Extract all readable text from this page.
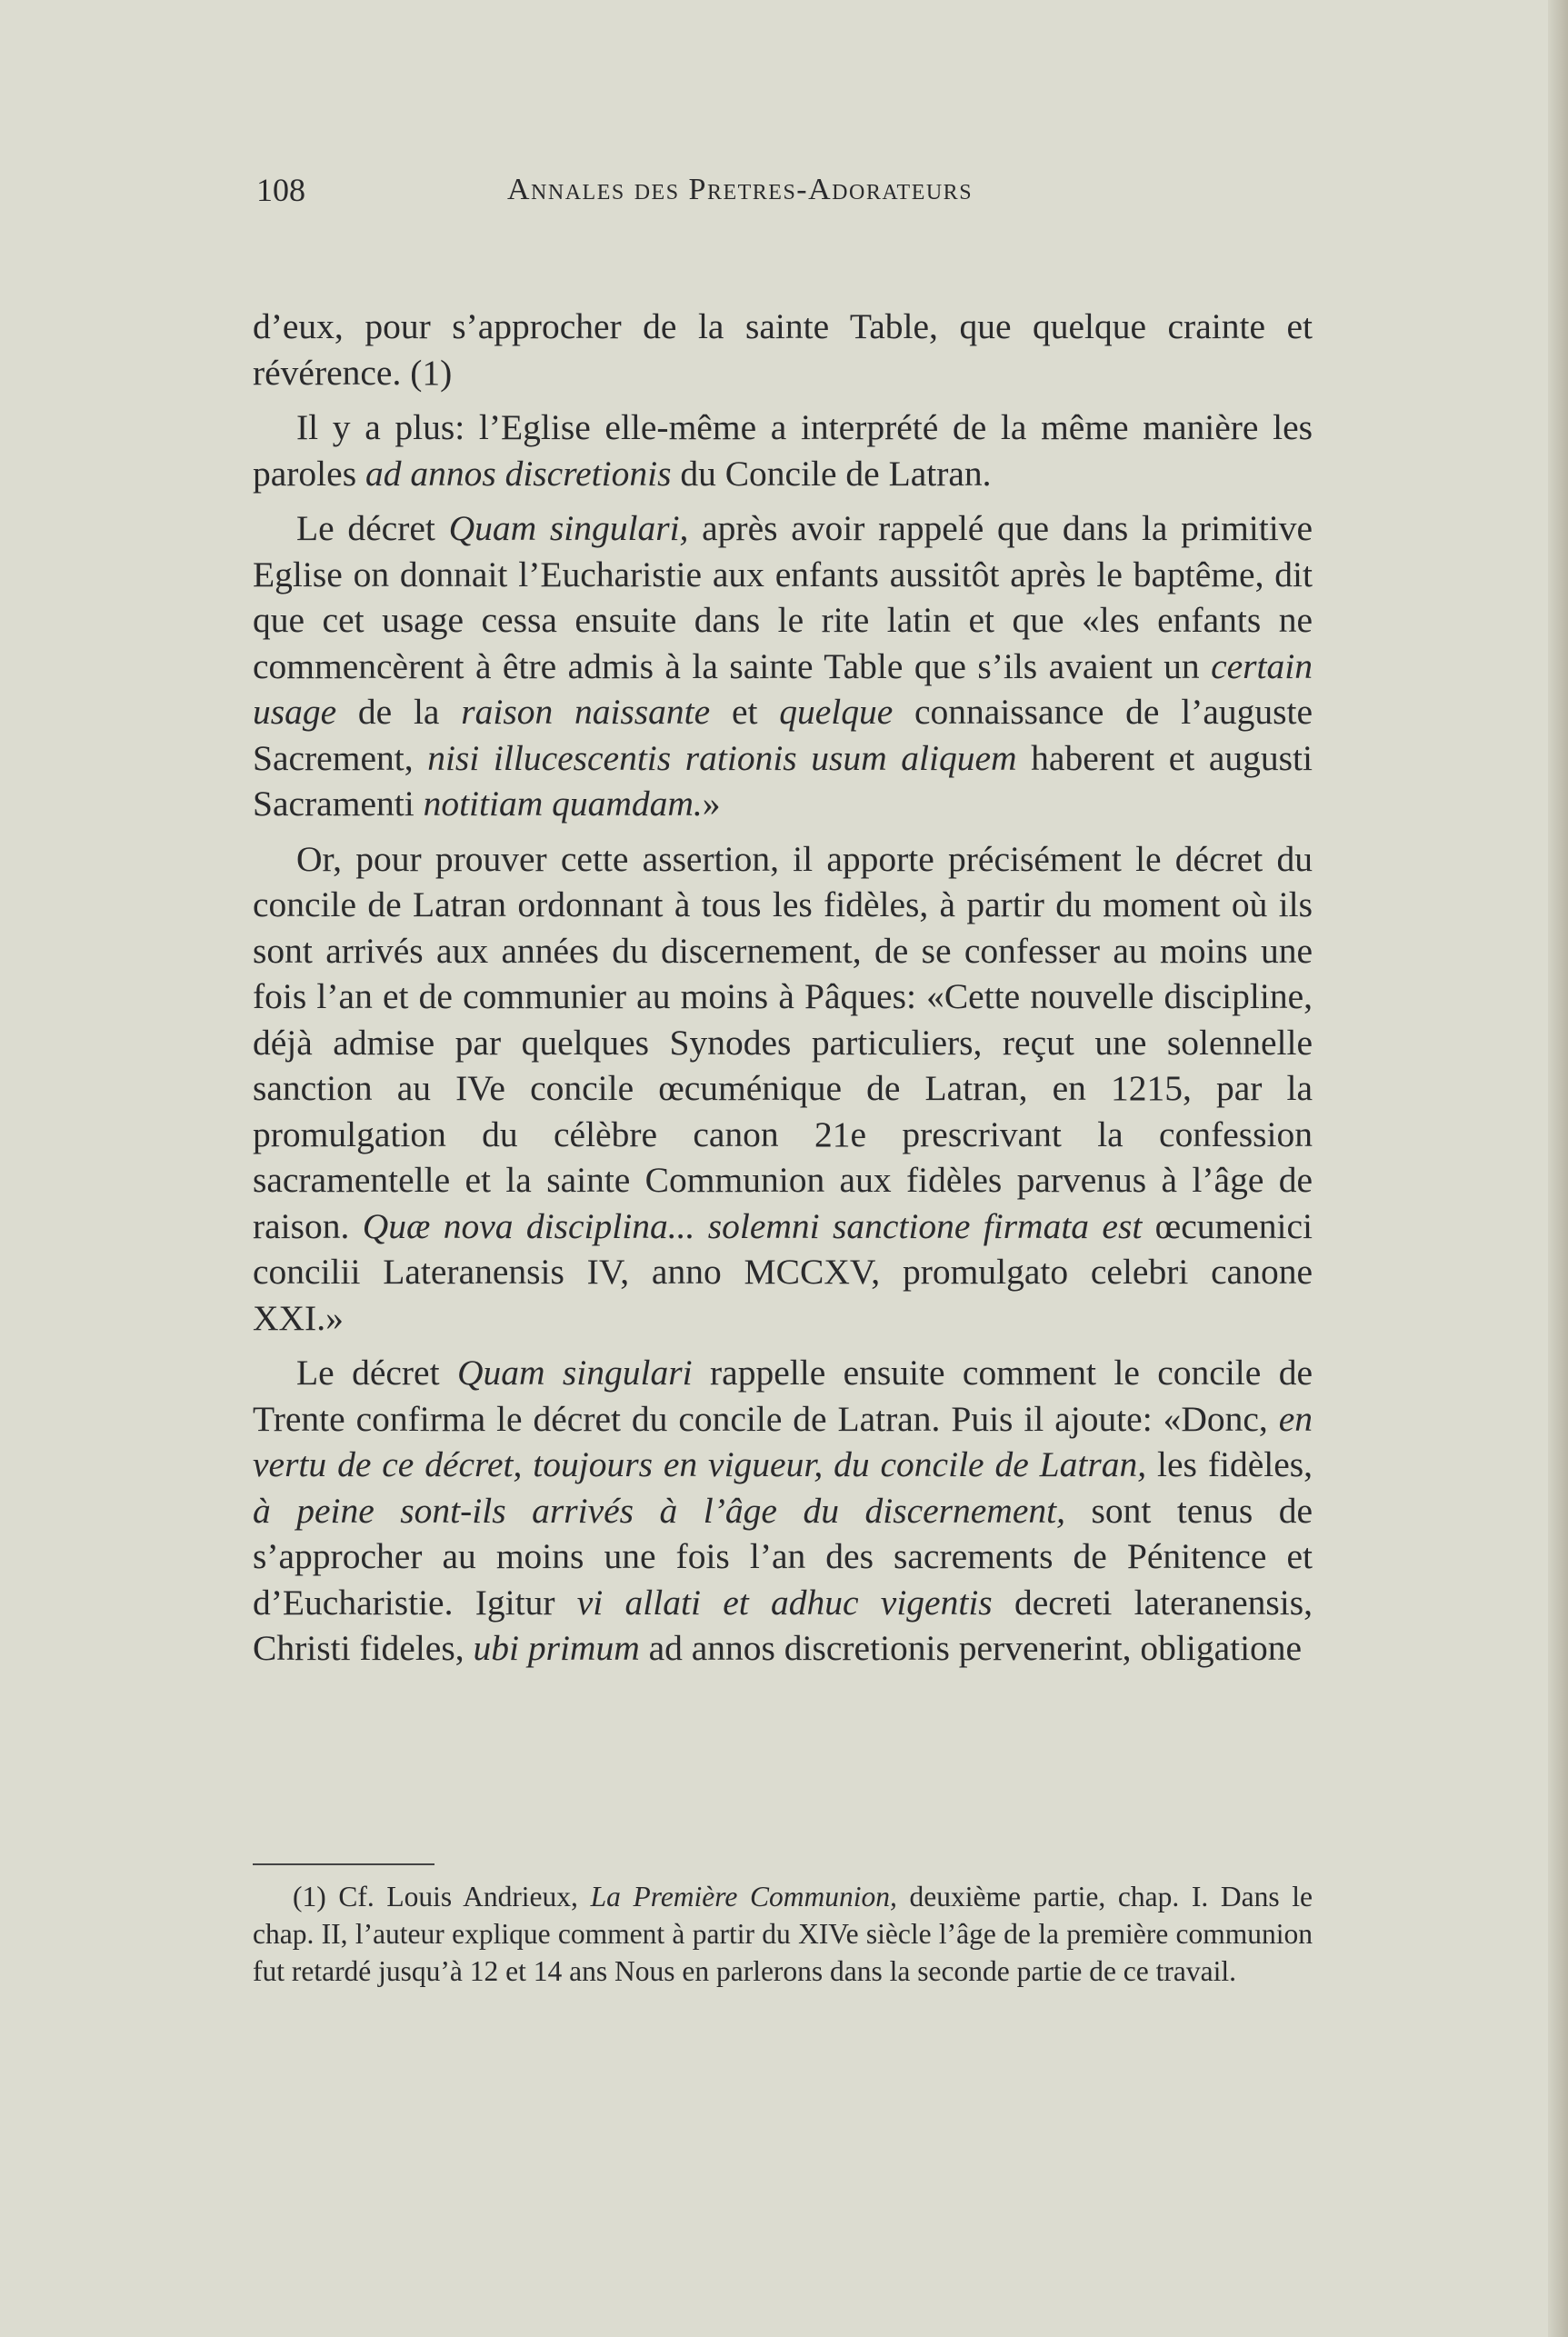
108	Annales des Pretres-Adorateurs

d’eux, pour s’approcher de la sainte Table, que quelque crainte et révérence. (1)

Il y a plus: l’Eglise elle-même a interprété de la même manière les paroles ad annos discretionis du Concile de Latran.

Le décret Quam singulari, après avoir rappelé que dans la primitive Eglise on donnait l’Eucharistie aux enfants aussitôt après le baptême, dit que cet usage cessa ensuite dans le rite latin et que «les enfants ne commencèrent à être admis à la sainte Table que s’ils avaient un certain usage de la raison naissante et quelque connaissance de l’auguste Sacrement, nisi illucescentis rationis usum aliquem haberent et augusti Sacramenti notitiam quamdam.»

Or, pour prouver cette assertion, il apporte précisément le décret du concile de Latran ordonnant à tous les fidèles, à partir du moment où ils sont arrivés aux années du discernement, de se confesser au moins une fois l’an et de communier au moins à Pâques: «Cette nouvelle discipline, déjà admise par quelques Synodes particuliers, reçut une solennelle sanction au IVe concile œcuménique de Latran, en 1215, par la promulgation du célèbre canon 21e prescrivant la confession sacramentelle et la sainte Communion aux fidèles parvenus à l’âge de raison. Quæ nova disciplina... solemni sanctione firmata est œcumenici concilii Lateranensis IV, anno MCCXV, promulgato celebri canone XXI.»

Le décret Quam singulari rappelle ensuite comment le concile de Trente confirma le décret du concile de Latran. Puis il ajoute: «Donc, en vertu de ce décret, toujours en vigueur, du concile de Latran, les fidèles, à peine sont-ils arrivés à l’âge du discernement, sont tenus de s’approcher au moins une fois l’an des sacrements de Pénitence et d’Eucharistie. Igitur vi allati et adhuc vigentis decreti lateranensis, Christi fideles, ubi primum ad annos discretionis pervenerint, obligatione

(1) Cf. Louis Andrieux, La Première Communion, deuxième partie, chap. I. Dans le chap. II, l’auteur explique comment à partir du XIVe siècle l’âge de la première communion fut retardé jusqu’à 12 et 14 ans Nous en parlerons dans la seconde partie de ce travail.
